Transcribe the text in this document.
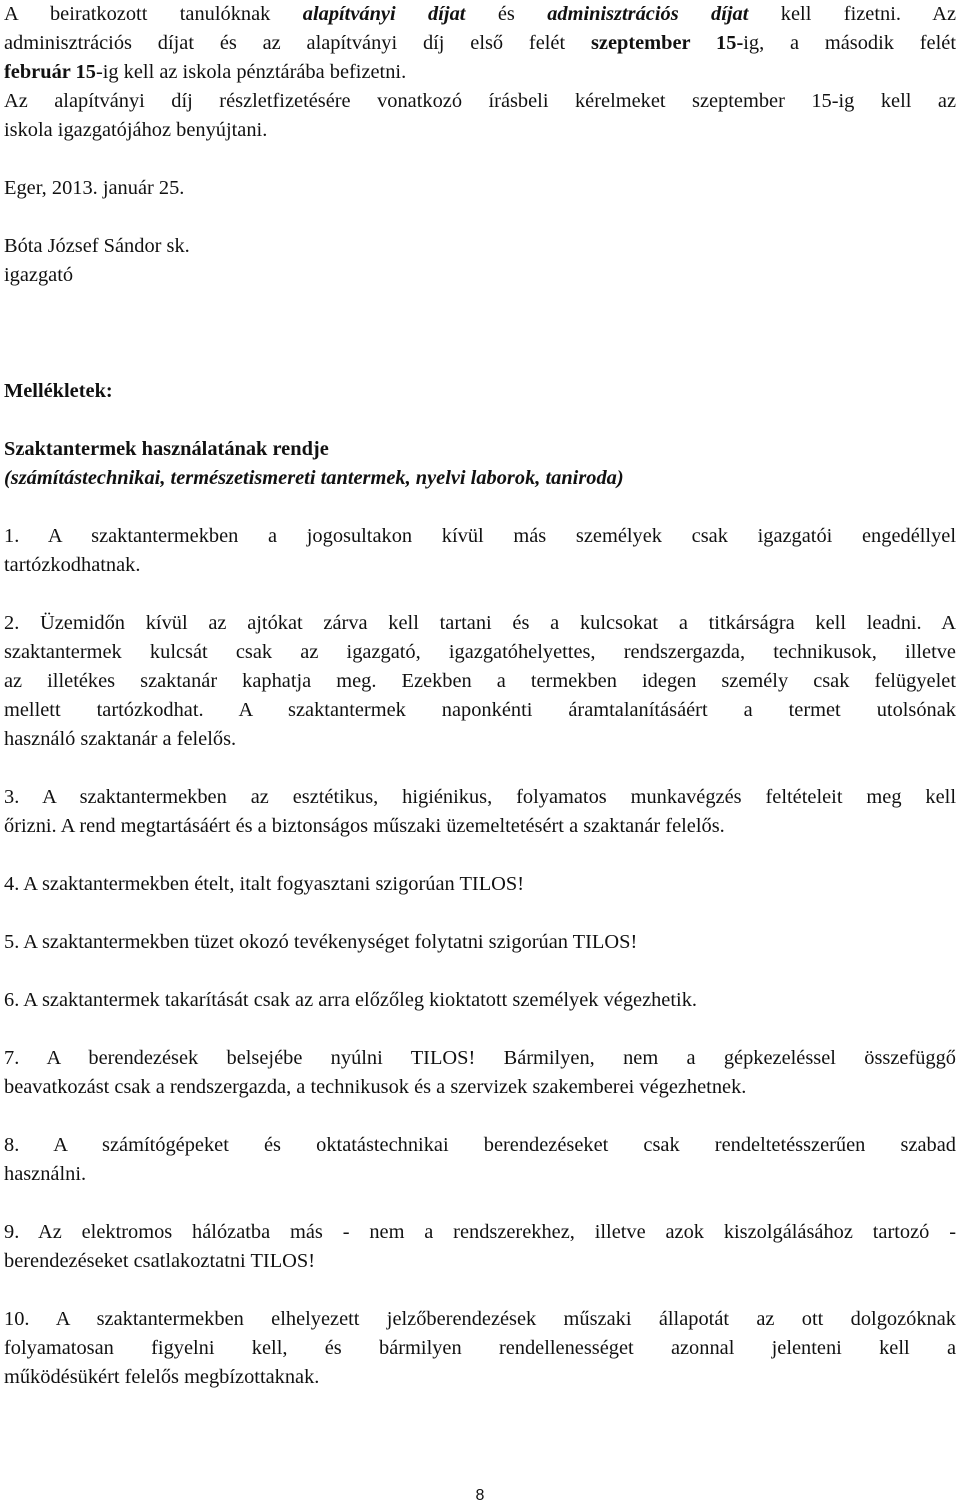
A beiratkozott tanulóknak alapítványi díjat és adminisztrációs díjat kell fizetni. Az
adminisztrációs díjat és az alapítványi díj első felét szeptember 15-ig, a második felét
február 15-ig kell az iskola pénztárába befizetni.
Az alapítványi díj részletfizetésére vonatkozó írásbeli kérelmeket szeptember 15-ig kell az
iskola igazgatójához benyújtani.

Eger, 2013. január 25.

Bóta József Sándor sk.

igazgató

Mellékletek:

Szaktantermek használatának rendje

(számítástechnikai, természetismereti tantermek, nyelvi laborok, taniroda)

1. A szaktantermekben a jogosultakon kívül más személyek csak igazgatói engedéllyel
tartózkodhatnak.

2. Üzemidőn kívül az ajtókat zárva kell tartani és a kulcsokat a titkárságra kell leadni. A
szaktantermek kulcsát csak az igazgató, igazgatóhelyettes, rendszergazda, technikusok, illetve
az illetékes szaktanár kaphatja meg. Ezekben a termekben idegen személy csak felügyelet
mellett tartózkodhat. A szaktantermek naponkénti áramtalanításáért a termet utolsónak
használó szaktanár a felelős.

3. A szaktantermekben az esztétikus, higiénikus, folyamatos munkavégzés feltételeit meg kell
őrizni. A rend megtartásáért és a biztonságos műszaki üzemeltetésért a szaktanár felelős.

4. A szaktantermekben ételt, italt fogyasztani szigorúan TILOS!

5. A szaktantermekben tüzet okozó tevékenységet folytatni szigorúan TILOS!

6. A szaktantermek takarítását csak az arra előzőleg kioktatott személyek végezhetik.

7. A berendezések belsejébe nyúlni TILOS! Bármilyen, nem a gépkezeléssel összefüggő
beavatkozást csak a rendszergazda, a technikusok és a szervizek szakemberei végezhetnek.

8. A számítógépeket és oktatástechnikai berendezéseket csak rendeltetésszerűen szabad
használni.

9. Az elektromos hálózatba más - nem a rendszerekhez, illetve azok kiszolgálásához tartozó -
berendezéseket csatlakoztatni TILOS!

10. A szaktantermekben elhelyezett jelzőberendezések műszaki állapotát az ott dolgozóknak
folyamatosan figyelni kell, és bármilyen rendellenességet azonnal jelenteni kell a
működésükért felelős megbízottaknak.

8
